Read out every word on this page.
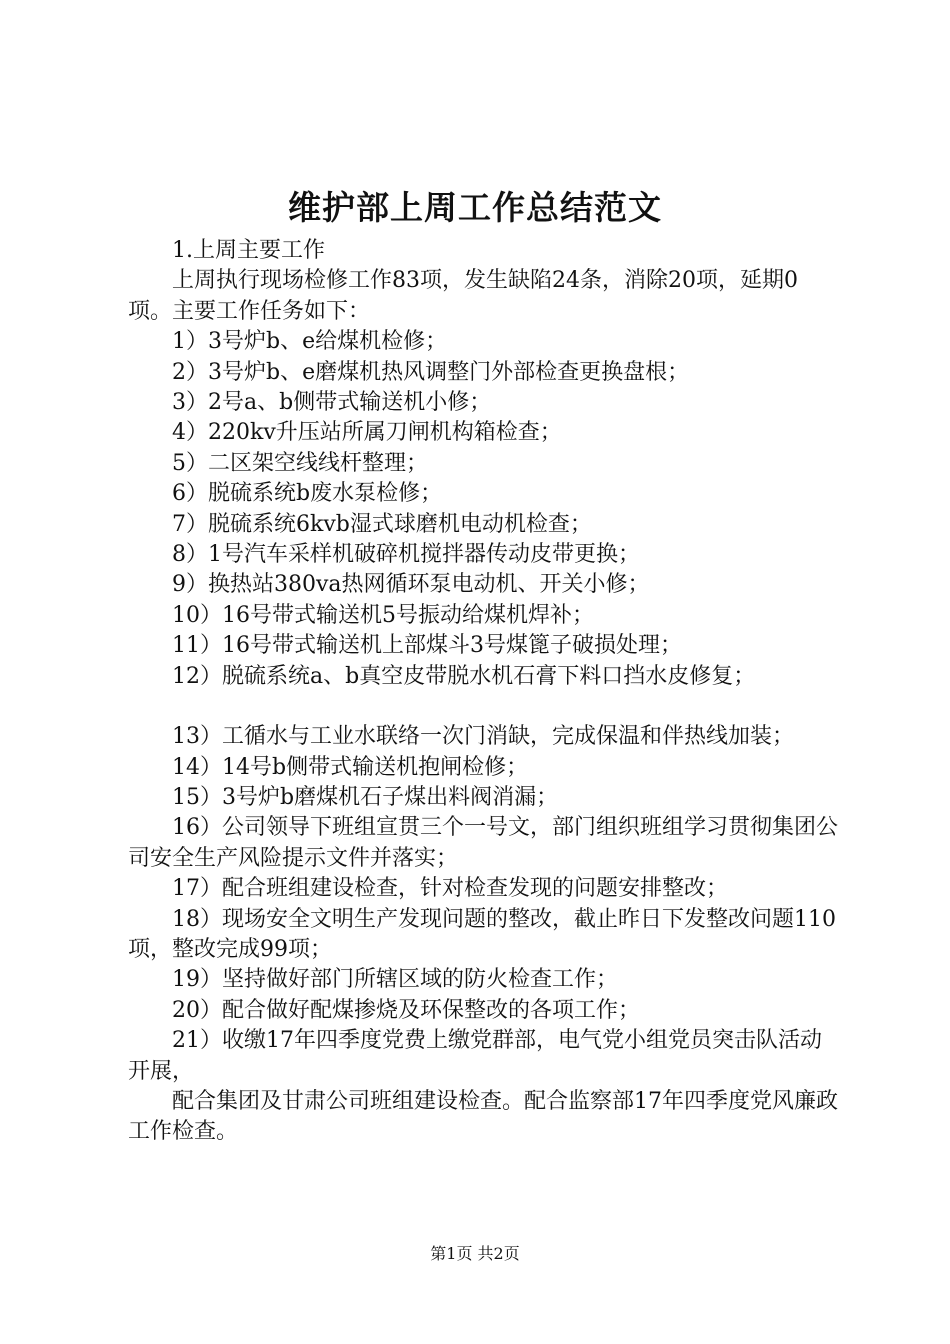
维护部上周工作总结范文

1.上周主要工作

上周执行现场检修工作83项，发生缺陷24条，消除20项，延期0项。主要工作任务如下：

1）3号炉b、e给煤机检修；

2）3号炉b、e磨煤机热风调整门外部检查更换盘根；

3）2号a、b侧带式输送机小修；

4）220kv升压站所属刀闸机构箱检查；

5）二区架空线线杆整理；

6）脱硫系统b废水泵检修；

7）脱硫系统6kvb湿式球磨机电动机检查；

8）1号汽车采样机破碎机搅拌器传动皮带更换；

9）换热站380va热网循环泵电动机、开关小修；

10）16号带式输送机5号振动给煤机焊补；

11）16号带式输送机上部煤斗3号煤篦子破损处理；

12）脱硫系统a、b真空皮带脱水机石膏下料口挡水皮修复；

13）工循水与工业水联络一次门消缺，完成保温和伴热线加装；

14）14号b侧带式输送机抱闸检修；

15）3号炉b磨煤机石子煤出料阀消漏；

16）公司领导下班组宣贯三个一号文，部门组织班组学习贯彻集团公司安全生产风险提示文件并落实；

17）配合班组建设检查，针对检查发现的问题安排整改；

18）现场安全文明生产发现问题的整改，截止昨日下发整改问题110项，整改完成99项；

19）坚持做好部门所辖区域的防火检查工作；

20）配合做好配煤掺烧及环保整改的各项工作；

21）收缴17年四季度党费上缴党群部，电气党小组党员突击队活动开展，

配合集团及甘肃公司班组建设检查。配合监察部17年四季度党风廉政工作检查。

第1页 共2页
